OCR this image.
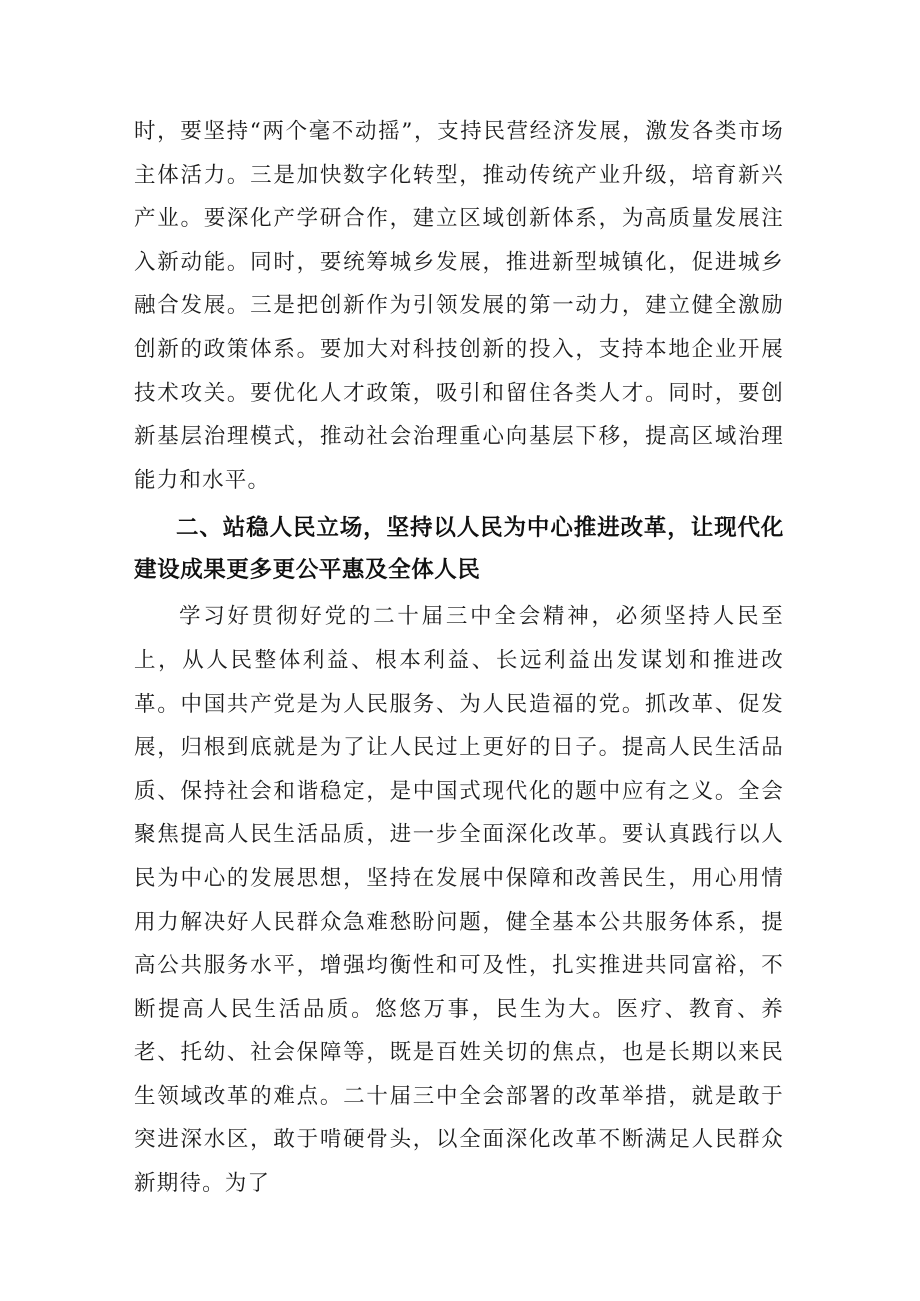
时，要坚持“两个毫不动摇”，支持民营经济发展，激发各类市场主体活力。三是加快数字化转型，推动传统产业升级，培育新兴产业。要深化产学研合作，建立区域创新体系，为高质量发展注入新动能。同时，要统筹城乡发展，推进新型城镇化，促进城乡融合发展。三是把创新作为引领发展的第一动力，建立健全激励创新的政策体系。要加大对科技创新的投入，支持本地企业开展技术攻关。要优化人才政策，吸引和留住各类人才。同时，要创新基层治理模式，推动社会治理重心向基层下移，提高区域治理能力和水平。

二、站稳人民立场，坚持以人民为中心推进改革，让现代化建设成果更多更公平惠及全体人民

学习好贯彻好党的二十届三中全会精神，必须坚持人民至上，从人民整体利益、根本利益、长远利益出发谋划和推进改革。中国共产党是为人民服务、为人民造福的党。抓改革、促发展，归根到底就是为了让人民过上更好的日子。提高人民生活品质、保持社会和谐稳定，是中国式现代化的题中应有之义。全会聚焦提高人民生活品质，进一步全面深化改革。要认真践行以人民为中心的发展思想，坚持在发展中保障和改善民生，用心用情用力解决好人民群众急难愁盼问题，健全基本公共服务体系，提高公共服务水平，增强均衡性和可及性，扎实推进共同富裕，不断提高人民生活品质。悠悠万事，民生为大。医疗、教育、养老、托幼、社会保障等，既是百姓关切的焦点，也是长期以来民生领域改革的难点。二十届三中全会部署的改革举措，就是敢于突进深水区，敢于啃硬骨头，以全面深化改革不断满足人民群众新期待。为了
